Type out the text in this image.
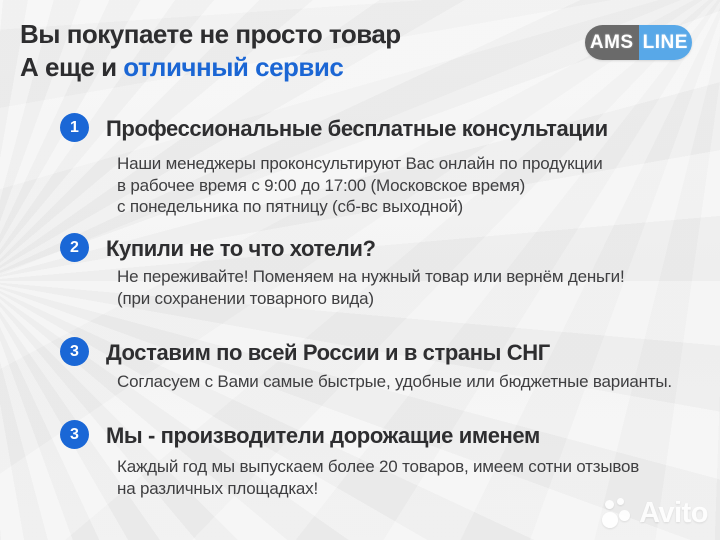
Вы покупаете не просто товар
А еще и отличный сервис
AMS LINE
1	Профессиональные бесплатные консультации
Наши менеджеры проконсультируют Вас онлайн по продукции
в рабочее время с 9:00 до 17:00 (Московское время)
с понедельника по пятницу (сб-вс выходной)
2	Купили не то что хотели?
Не переживайте! Поменяем на нужный товар или вернём деньги!
(при сохранении товарного вида)
3	Доставим по всей России и в страны СНГ
Согласуем с Вами самые быстрые, удобные или бюджетные варианты.
3	Мы - производители дорожащие именем
Каждый год мы выпускаем более 20 товаров, имеем сотни отзывов
на различных площадках!
Avito
